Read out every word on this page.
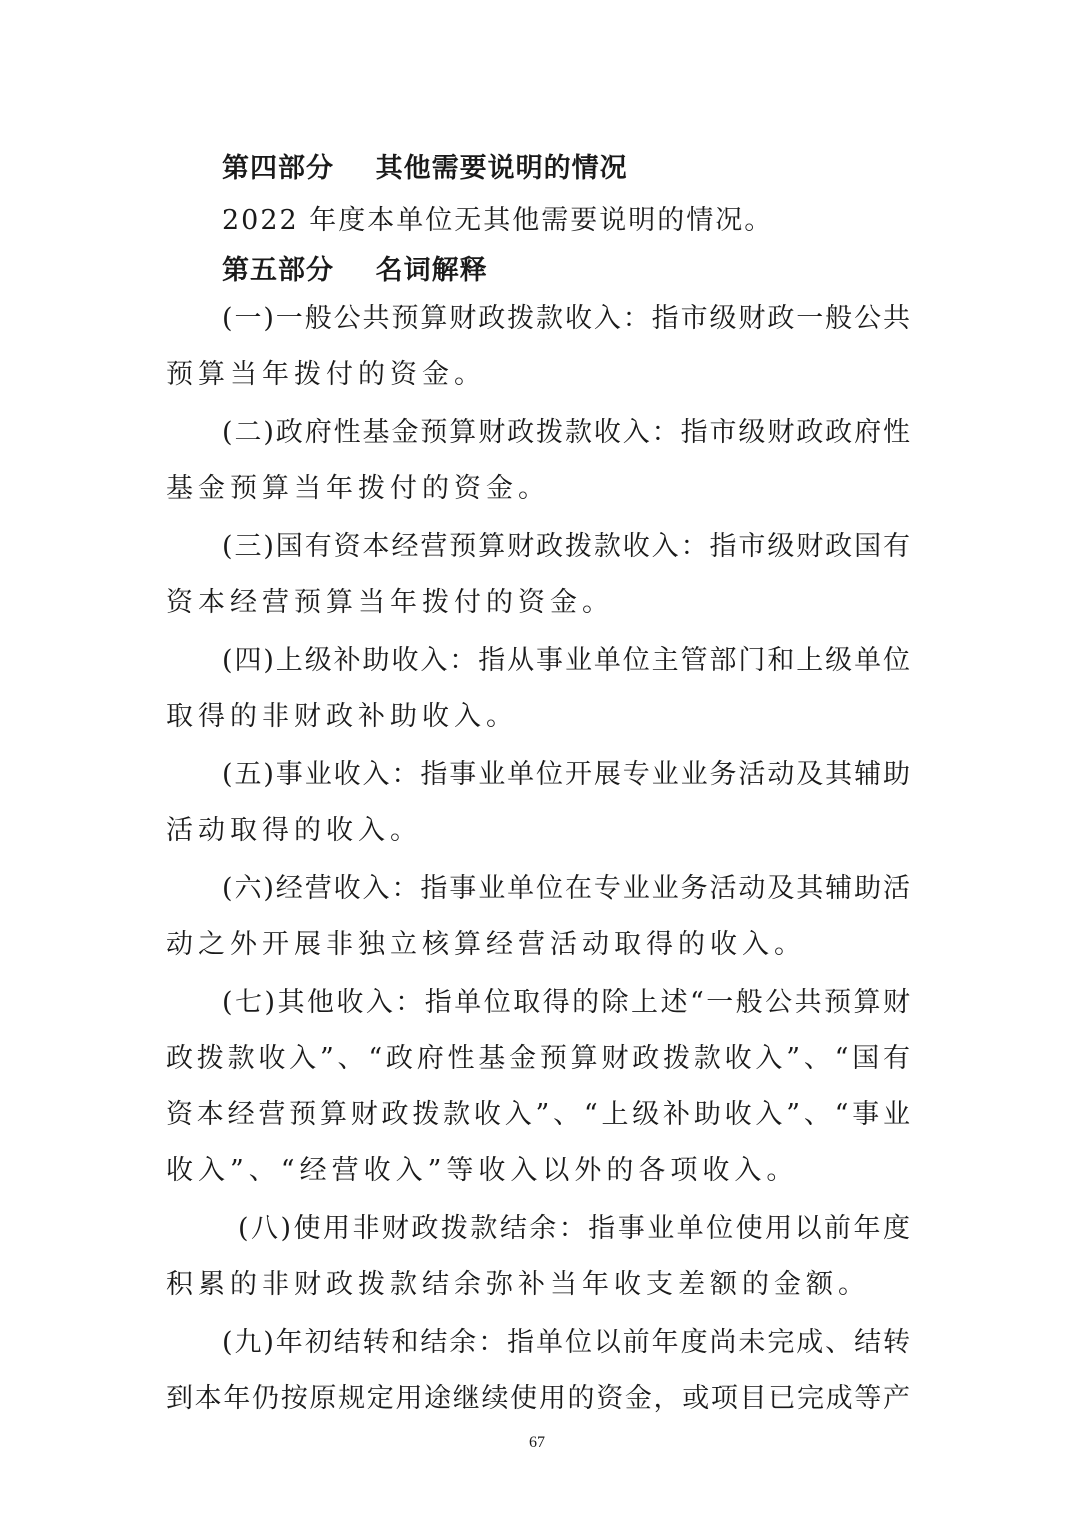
第四部分    其他需要说明的情况
2022 年度本单位无其他需要说明的情况。
第五部分    名词解释
(一)一般公共预算财政拨款收入：指市级财政一般公共
预算当年拨付的资金。
(二)政府性基金预算财政拨款收入：指市级财政政府性
基金预算当年拨付的资金。
(三)国有资本经营预算财政拨款收入：指市级财政国有
资本经营预算当年拨付的资金。
(四)上级补助收入：指从事业单位主管部门和上级单位
取得的非财政补助收入。
(五)事业收入：指事业单位开展专业业务活动及其辅助
活动取得的收入。
(六)经营收入：指事业单位在专业业务活动及其辅助活
动之外开展非独立核算经营活动取得的收入。
(七)其他收入：指单位取得的除上述“一般公共预算财
政拨款收入”、“政府性基金预算财政拨款收入”、“国有
资本经营预算财政拨款收入”、“上级补助收入”、“事业
收入”、“经营收入”等收入以外的各项收入。
(八)使用非财政拨款结余：指事业单位使用以前年度
积累的非财政拨款结余弥补当年收支差额的金额。
(九)年初结转和结余：指单位以前年度尚未完成、结转
到本年仍按原规定用途继续使用的资金，或项目已完成等产
67
